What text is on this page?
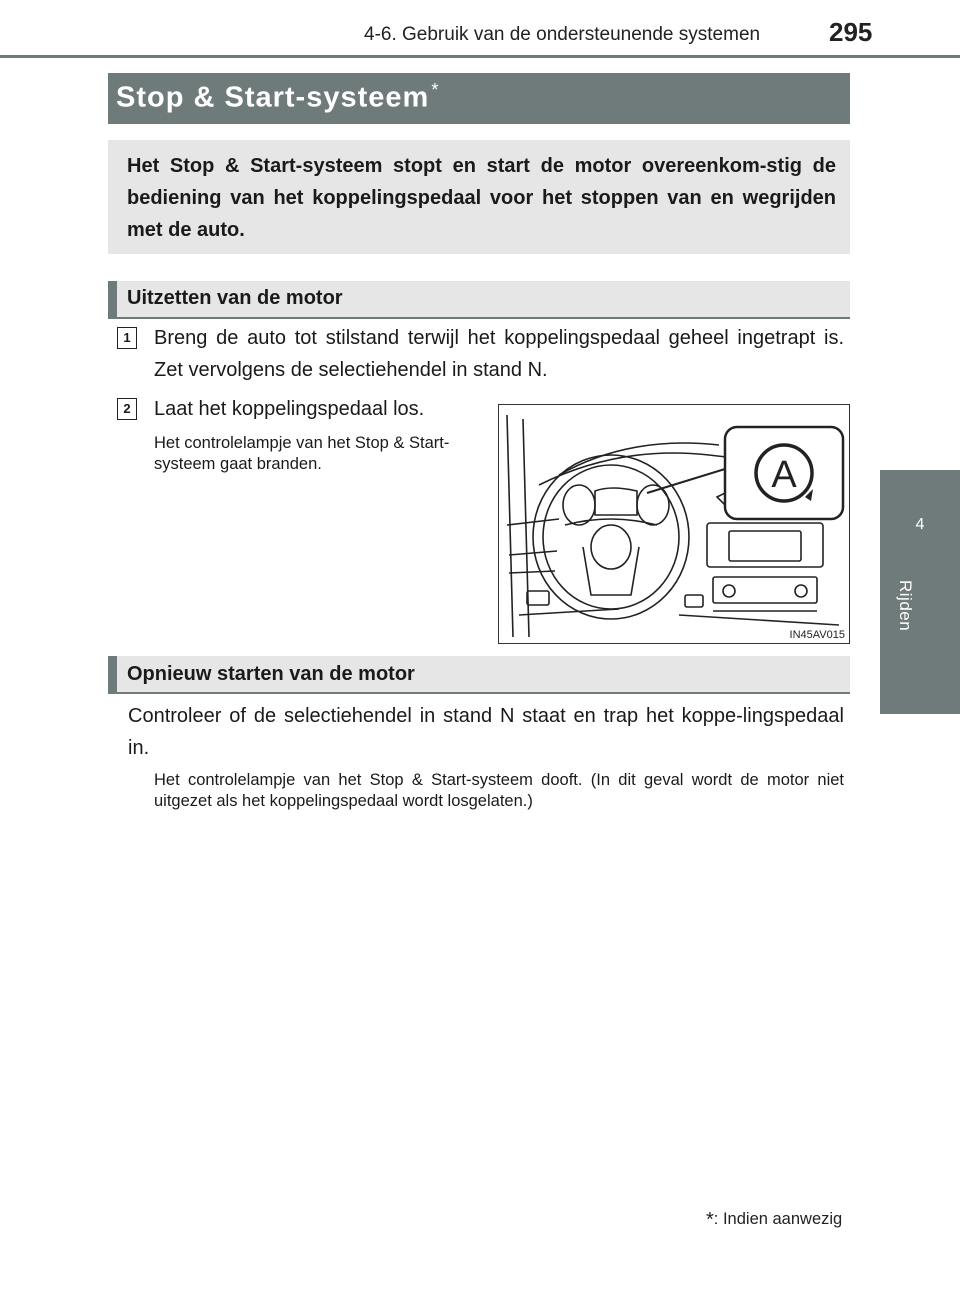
4-6. Gebruik van de ondersteunende systemen	295
4
Rijden
Stop & Start-systeem *
Het Stop & Start-systeem stopt en start de motor overeenkom-stig de bediening van het koppelingspedaal voor het stoppen van en wegrijden met de auto.
Uitzetten van de motor
1	Breng de auto tot stilstand terwijl het koppelingspedaal geheel ingetrapt is. Zet vervolgens de selectiehendel in stand N.
2	Laat het koppelingspedaal los.
Het controlelampje van het Stop & Start-systeem gaat branden.	A
IN45AV015
Opnieuw starten van de motor
Controleer of de selectiehendel in stand N staat en trap het koppe-lingspedaal in.
Het controlelampje van het Stop & Start-systeem dooft. (In dit geval wordt de motor niet uitgezet als het koppelingspedaal wordt losgelaten.)
*: Indien aanwezig
